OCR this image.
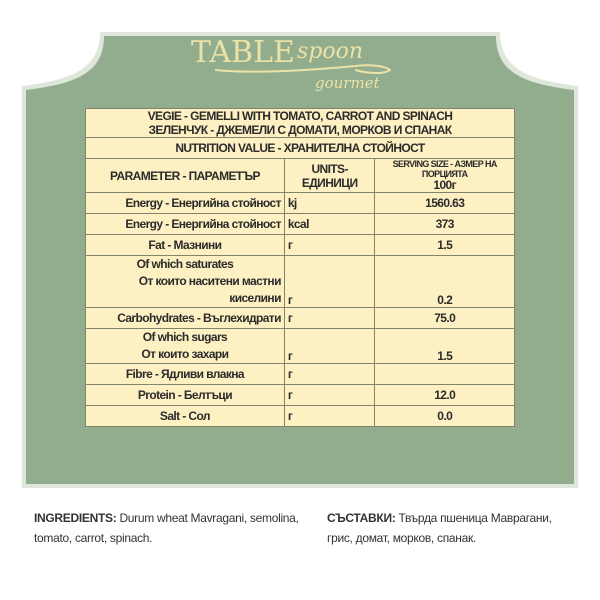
TABLE spoon
gourmet
VEGIE - GEMELLI WITH TOMATO, CARROT AND SPINACH
ЗЕЛЕНЧУК - ДЖЕМЕЛИ С ДОМАТИ, МОРКОВ И СПАНАК		

NUTRITION VALUE - ХРАНИТЕЛНА СТОЙНОСТ		
PARAMETER - ПАРАМЕТЪР	UNITS-ЕДИНИЦИ	SERVING SIZE - АЗМЕР НА ПОРЦИЯТА
100г

Energy - Енергийна стойност	kj	1560.63
Energy - Енергийна стойност	kcal	373
Fat - Мазнини	г	1.5

Of which saturates
От които наситени мастни киселини	г	0.2
Carbohydrates - Въглехидрати	г	75.0

Of which sugars
От които захари	г	1.5
Fibre - Ядливи влакна	г	
Protein - Белтъци	г	12.0
Salt - Сол	г	0.0
INGREDIENTS: Durum wheat Mavragani, semolina, tomato, carrot, spinach.
СЪСТАВКИ: Твърда пшеница Маврагани, грис, домат, морков, спанак.
